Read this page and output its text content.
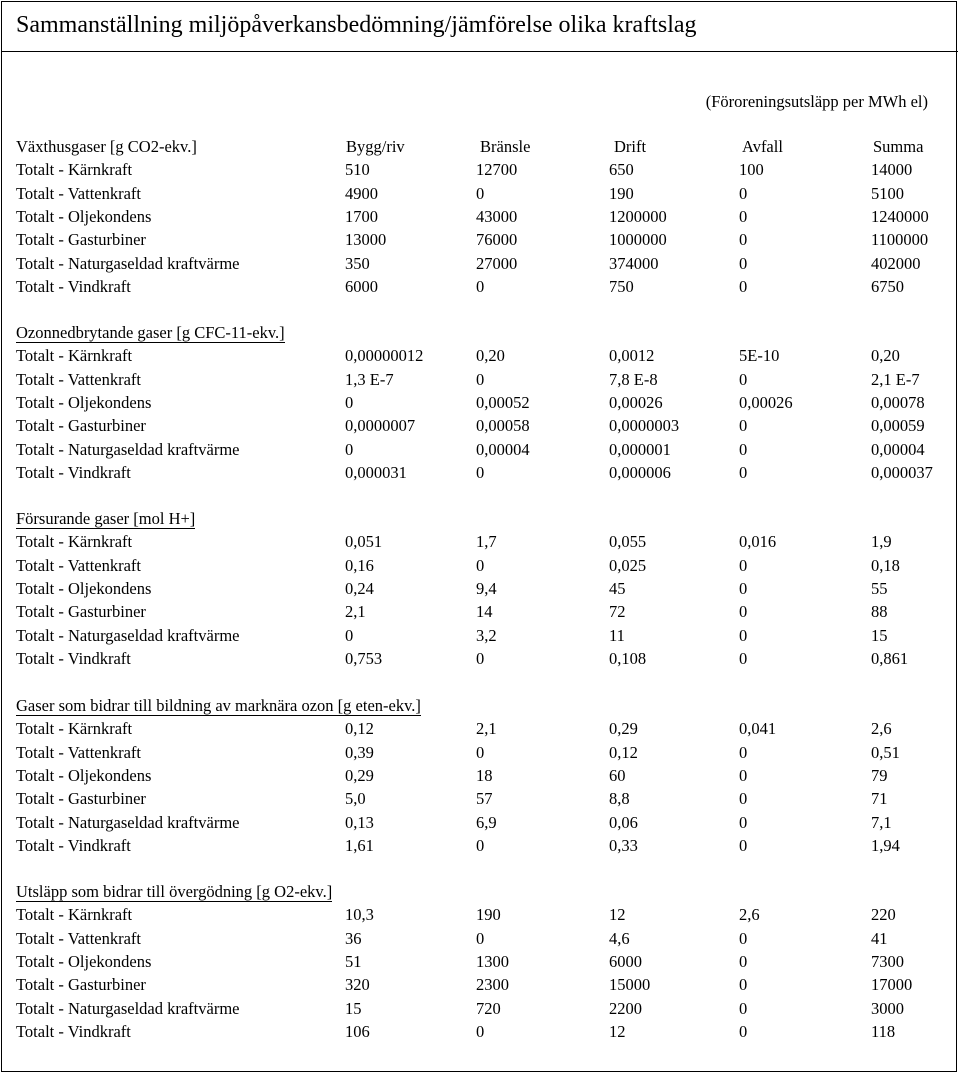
Sammanställning miljöpåverkansbedömning/jämförelse olika kraftslag
(Föroreningsutsläpp per MWh el)
Växthusgaser [g CO2-ekv.]	Bygg/riv	Bränsle	Drift	Avfall	Summa
Totalt - Kärnkraft	510	12700	650	100	14000
Totalt - Vattenkraft	4900	0	190	0	5100
Totalt - Oljekondens	1700	43000	1200000	0	1240000
Totalt - Gasturbiner	13000	76000	1000000	0	1100000
Totalt - Naturgaseldad kraftvärme	350	27000	374000	0	402000
Totalt - Vindkraft	6000	0	750	0	6750
Ozonnedbrytande gaser [g CFC-11-ekv.]
Totalt - Kärnkraft	0,00000012	0,20	0,0012	5E-10	0,20
Totalt - Vattenkraft	1,3 E-7	0	7,8 E-8	0	2,1 E-7
Totalt - Oljekondens	0	0,00052	0,00026	0,00026	0,00078
Totalt - Gasturbiner	0,0000007	0,00058	0,0000003	0	0,00059
Totalt - Naturgaseldad kraftvärme	0	0,00004	0,000001	0	0,00004
Totalt - Vindkraft	0,000031	0	0,000006	0	0,000037
Försurande gaser [mol H+]
Totalt - Kärnkraft	0,051	1,7	0,055	0,016	1,9
Totalt - Vattenkraft	0,16	0	0,025	0	0,18
Totalt - Oljekondens	0,24	9,4	45	0	55
Totalt - Gasturbiner	2,1	14	72	0	88
Totalt - Naturgaseldad kraftvärme	0	3,2	11	0	15
Totalt - Vindkraft	0,753	0	0,108	0	0,861
Gaser som bidrar till bildning av marknära ozon [g eten-ekv.]
Totalt - Kärnkraft	0,12	2,1	0,29	0,041	2,6
Totalt - Vattenkraft	0,39	0	0,12	0	0,51
Totalt - Oljekondens	0,29	18	60	0	79
Totalt - Gasturbiner	5,0	57	8,8	0	71
Totalt - Naturgaseldad kraftvärme	0,13	6,9	0,06	0	7,1
Totalt - Vindkraft	1,61	0	0,33	0	1,94
Utsläpp som bidrar till övergödning [g O2-ekv.]
Totalt - Kärnkraft	10,3	190	12	2,6	220
Totalt - Vattenkraft	36	0	4,6	0	41
Totalt - Oljekondens	51	1300	6000	0	7300
Totalt - Gasturbiner	320	2300	15000	0	17000
Totalt - Naturgaseldad kraftvärme	15	720	2200	0	3000
Totalt - Vindkraft	106	0	12	0	118
